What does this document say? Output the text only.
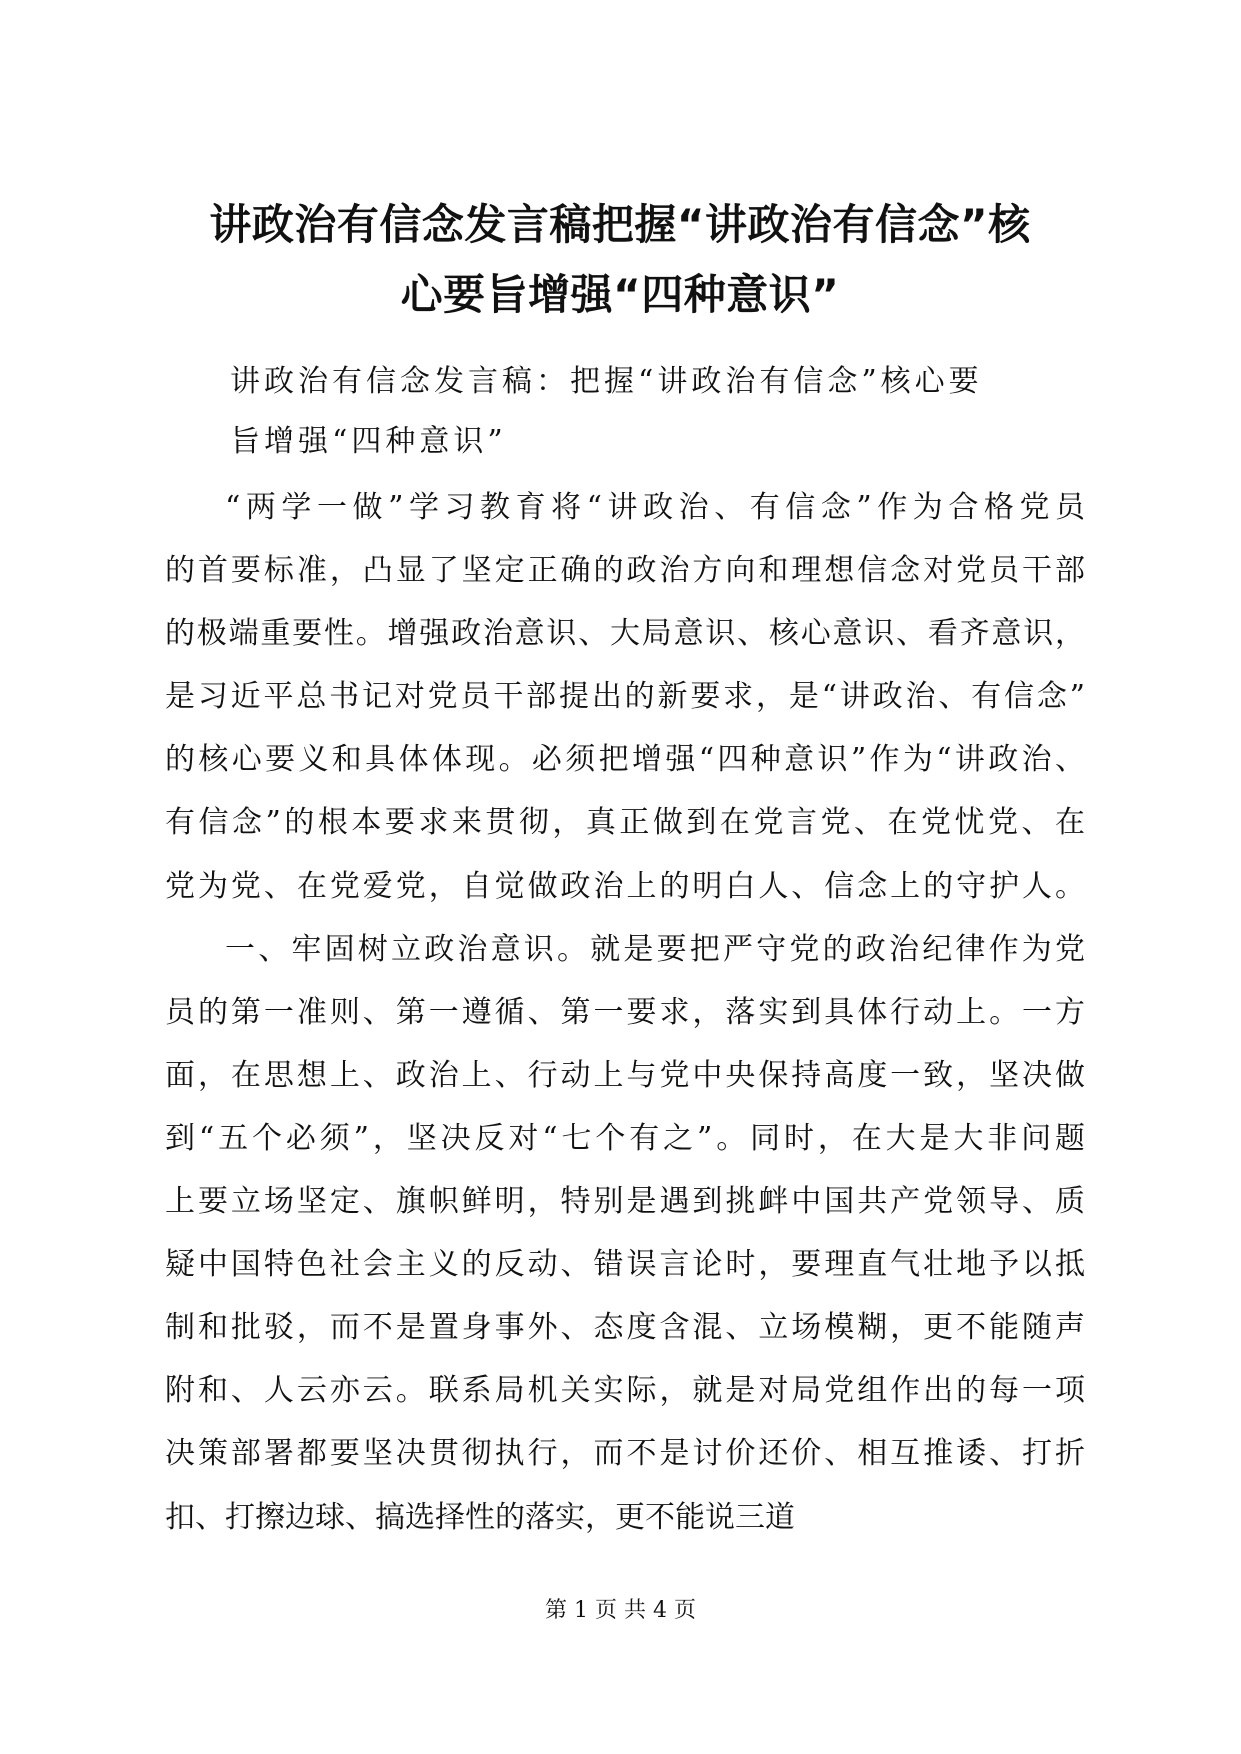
讲政治有信念发言稿把握“讲政治有信念”核
心要旨增强“四种意识”
讲政治有信念发言稿：把握“讲政治有信念”核心要
旨增强“四种意识”
“两学一做”学习教育将“讲政治、有信念”作为合格党员
的首要标准，凸显了坚定正确的政治方向和理想信念对党员干部
的极端重要性。增强政治意识、大局意识、核心意识、看齐意识，
是习近平总书记对党员干部提出的新要求，是“讲政治、有信念”
的核心要义和具体体现。必须把增强“四种意识”作为“讲政治、
有信念”的根本要求来贯彻，真正做到在党言党、在党忧党、在
党为党、在党爱党，自觉做政治上的明白人、信念上的守护人。
一、牢固树立政治意识。就是要把严守党的政治纪律作为党
员的第一准则、第一遵循、第一要求，落实到具体行动上。一方
面，在思想上、政治上、行动上与党中央保持高度一致，坚决做
到“五个必须”，坚决反对“七个有之”。同时，在大是大非问题
上要立场坚定、旗帜鲜明，特别是遇到挑衅中国共产党领导、质
疑中国特色社会主义的反动、错误言论时，要理直气壮地予以抵
制和批驳，而不是置身事外、态度含混、立场模糊，更不能随声
附和、人云亦云。联系局机关实际，就是对局党组作出的每一项
决策部署都要坚决贯彻执行，而不是讨价还价、相互推诿、打折
扣、打擦边球、搞选择性的落实，更不能说三道
第 1 页 共 4 页
